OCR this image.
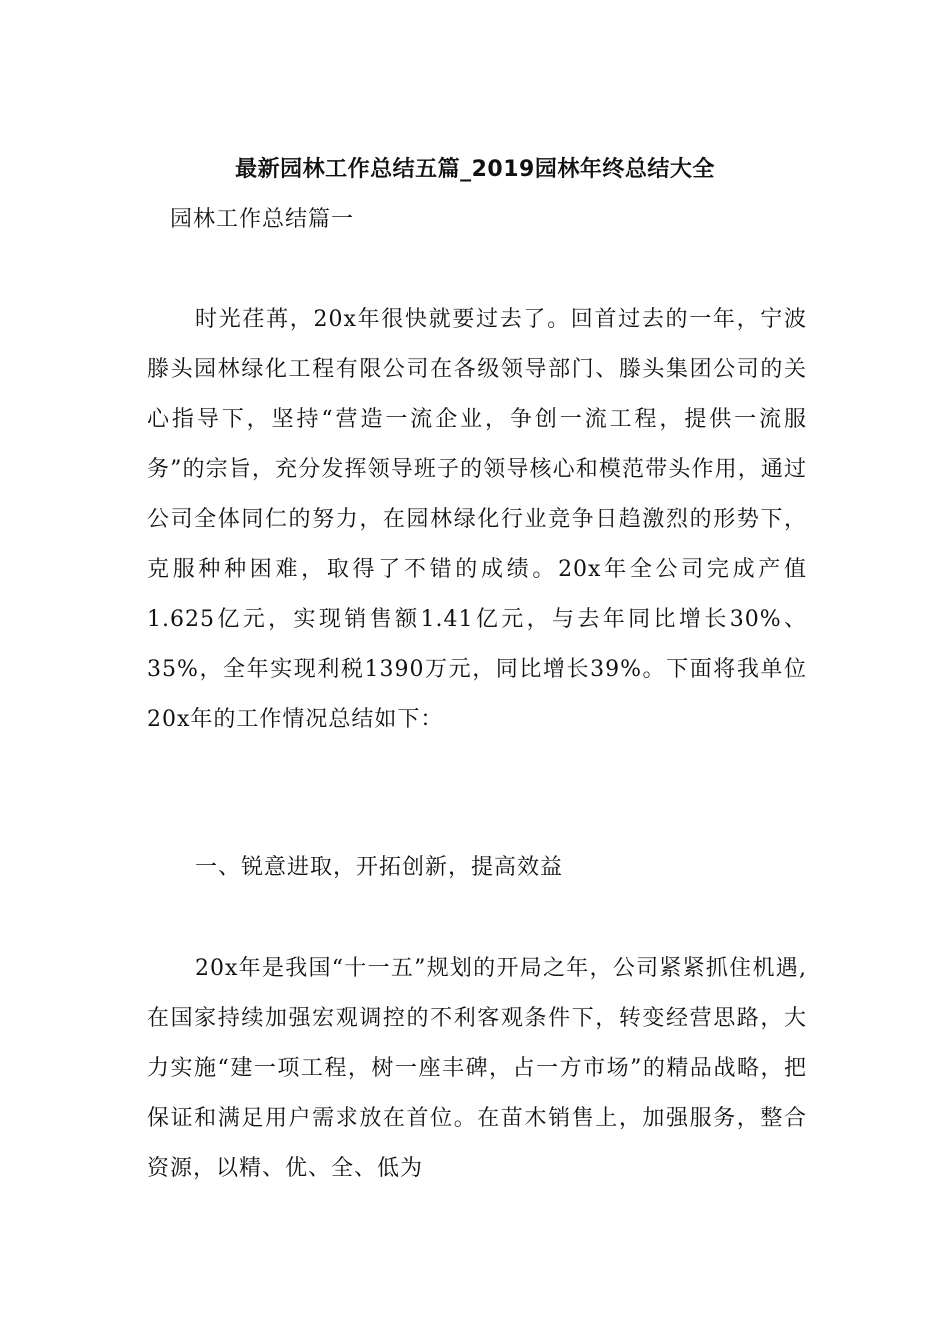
最新园林工作总结五篇_2019园林年终总结大全
园林工作总结篇一
时光荏苒，20x年很快就要过去了。回首过去的一年，宁波滕头园林绿化工程有限公司在各级领导部门、滕头集团公司的关心指导下，坚持“营造一流企业，争创一流工程，提供一流服务”的宗旨，充分发挥领导班子的领导核心和模范带头作用，通过公司全体同仁的努力，在园林绿化行业竞争日趋激烈的形势下，克服种种困难，取得了不错的成绩。20x年全公司完成产值1.625亿元，实现销售额1.41亿元，与去年同比增长30%、35%，全年实现利税1390万元，同比增长39%。下面将我单位20x年的工作情况总结如下：
一、锐意进取，开拓创新，提高效益
20x年是我国“十一五”规划的开局之年，公司紧紧抓住机遇,在国家持续加强宏观调控的不利客观条件下，转变经营思路，大力实施“建一项工程，树一座丰碑，占一方市场”的精品战略，把保证和满足用户需求放在首位。在苗木销售上，加强服务，整合资源，以精、优、全、低为
